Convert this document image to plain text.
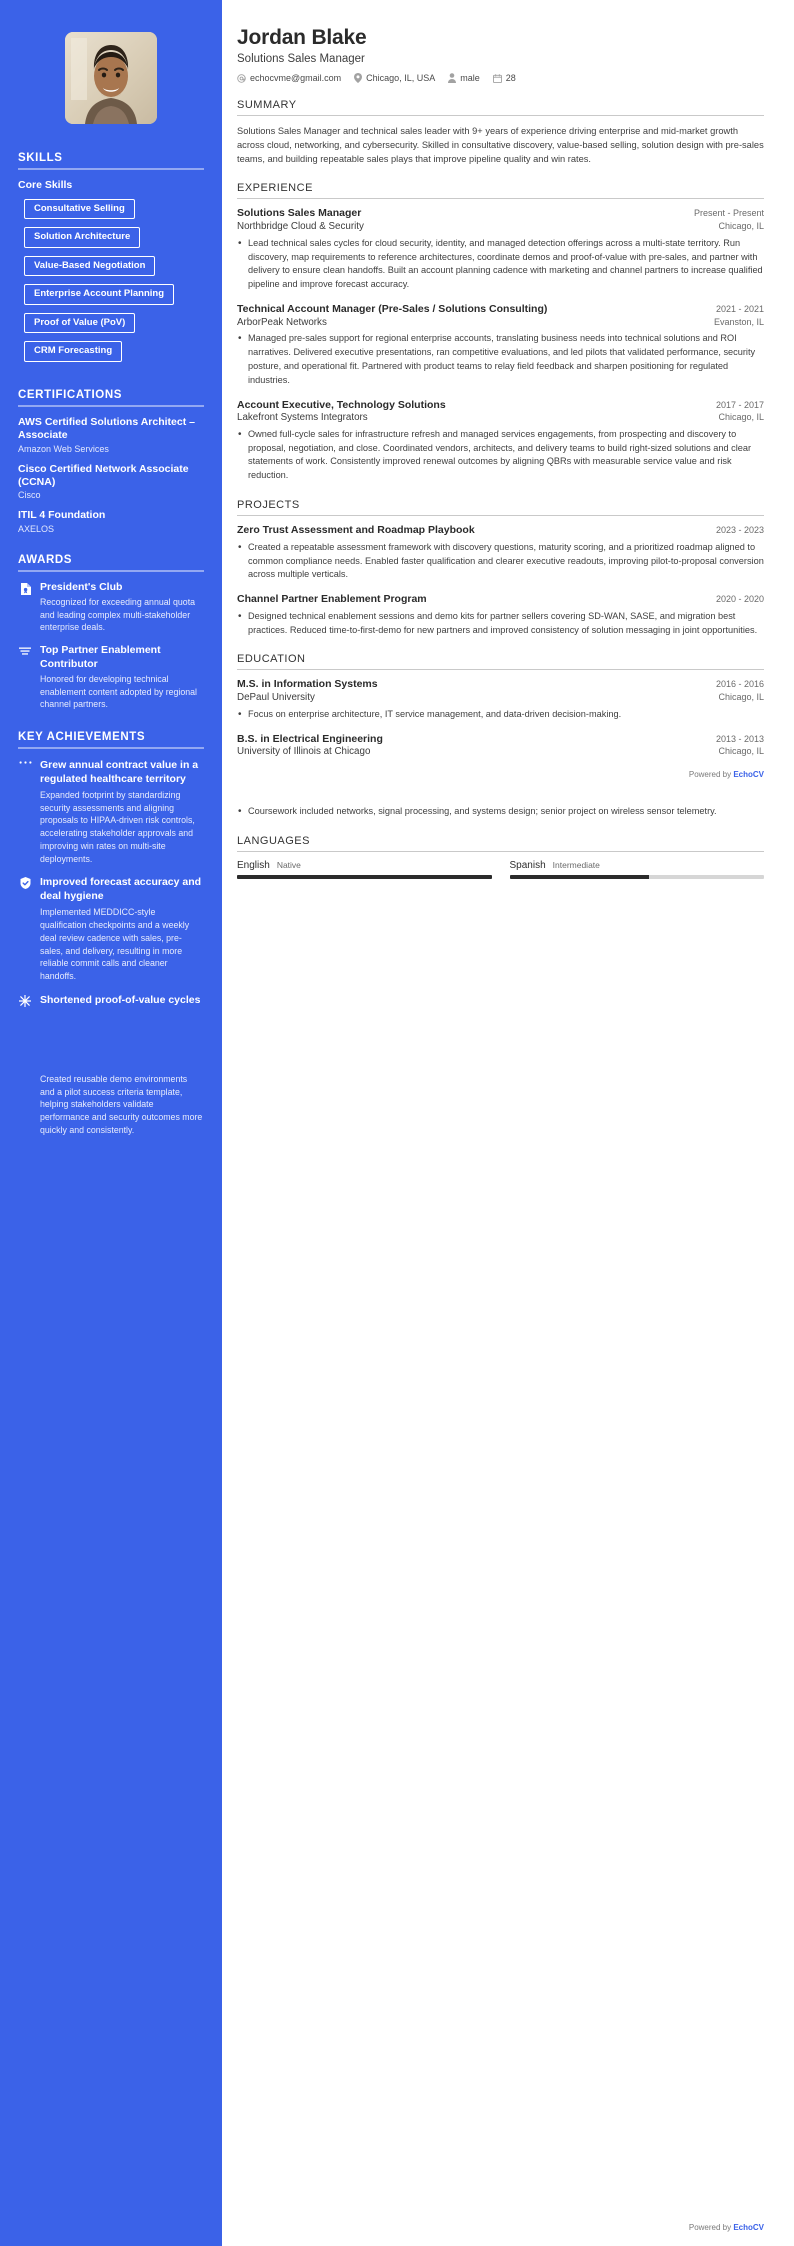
SKILLS
Core Skills
Consultative Selling
Solution Architecture
Value-Based Negotiation
Enterprise Account Planning
Proof of Value (PoV)
CRM Forecasting
CERTIFICATIONS
AWS Certified Solutions Architect – Associate
Amazon Web Services
Cisco Certified Network Associate (CCNA)
Cisco
ITIL 4 Foundation
AXELOS
AWARDS
President's Club
Recognized for exceeding annual quota and leading complex multi-stakeholder enterprise deals.
Top Partner Enablement Contributor
Honored for developing technical enablement content adopted by regional channel partners.
KEY ACHIEVEMENTS
Grew annual contract value in a regulated healthcare territory
Expanded footprint by standardizing security assessments and aligning proposals to HIPAA-driven risk controls, accelerating stakeholder approvals and improving win rates on multi-site deployments.
Improved forecast accuracy and deal hygiene
Implemented MEDDICC-style qualification checkpoints and a weekly deal review cadence with sales, pre-sales, and delivery, resulting in more reliable commit calls and cleaner handoffs.
Shortened proof-of-value cycles
Created reusable demo environments and a pilot success criteria template, helping stakeholders validate performance and security outcomes more quickly and consistently.
Jordan Blake
Solutions Sales Manager
echocvme@gmail.com	Chicago, IL, USA	male	28
SUMMARY

Solutions Sales Manager and technical sales leader with 9+ years of experience driving enterprise and mid-market growth across cloud, networking, and cybersecurity. Skilled in consultative discovery, value-based selling, solution design with pre-sales teams, and building repeatable sales plays that improve pipeline quality and win rates.

EXPERIENCE
Solutions Sales Manager	Present - Present
Northbridge Cloud & Security	Chicago, IL
• Lead technical sales cycles for cloud security, identity, and managed detection offerings across a multi-state territory. Run discovery, map requirements to reference architectures, coordinate demos and proof-of-value with pre-sales, and partner with delivery to ensure clean handoffs. Built an account planning cadence with marketing and channel partners to increase qualified pipeline and improve forecast accuracy.
Technical Account Manager (Pre-Sales / Solutions Consulting)	2021 - 2021
ArborPeak Networks	Evanston, IL
• Managed pre-sales support for regional enterprise accounts, translating business needs into technical solutions and ROI narratives. Delivered executive presentations, ran competitive evaluations, and led pilots that validated performance, security posture, and operational fit. Partnered with product teams to relay field feedback and sharpen positioning for regulated industries.
Account Executive, Technology Solutions	2017 - 2017
Lakefront Systems Integrators	Chicago, IL
• Owned full-cycle sales for infrastructure refresh and managed services engagements, from prospecting and discovery to proposal, negotiation, and close. Coordinated vendors, architects, and delivery teams to build right-sized solutions and clear statements of work. Consistently improved renewal outcomes by aligning QBRs with measurable service value and risk reduction.
PROJECTS
Zero Trust Assessment and Roadmap Playbook	2023 - 2023
• Created a repeatable assessment framework with discovery questions, maturity scoring, and a prioritized roadmap aligned to common compliance needs. Enabled faster qualification and clearer executive readouts, improving pilot-to-proposal conversion across multiple verticals.
Channel Partner Enablement Program	2020 - 2020
• Designed technical enablement sessions and demo kits for partner sellers covering SD-WAN, SASE, and migration best practices. Reduced time-to-first-demo for new partners and improved consistency of solution messaging in joint opportunities.
EDUCATION
M.S. in Information Systems	2016 - 2016
DePaul University	Chicago, IL
• Focus on enterprise architecture, IT service management, and data-driven decision-making.
B.S. in Electrical Engineering	2013 - 2013
University of Illinois at Chicago	Chicago, IL
Powered by EchoCV
• Coursework included networks, signal processing, and systems design; senior project on wireless sensor telemetry.
LANGUAGES
English Native	Spanish Intermediate
Powered by EchoCV
